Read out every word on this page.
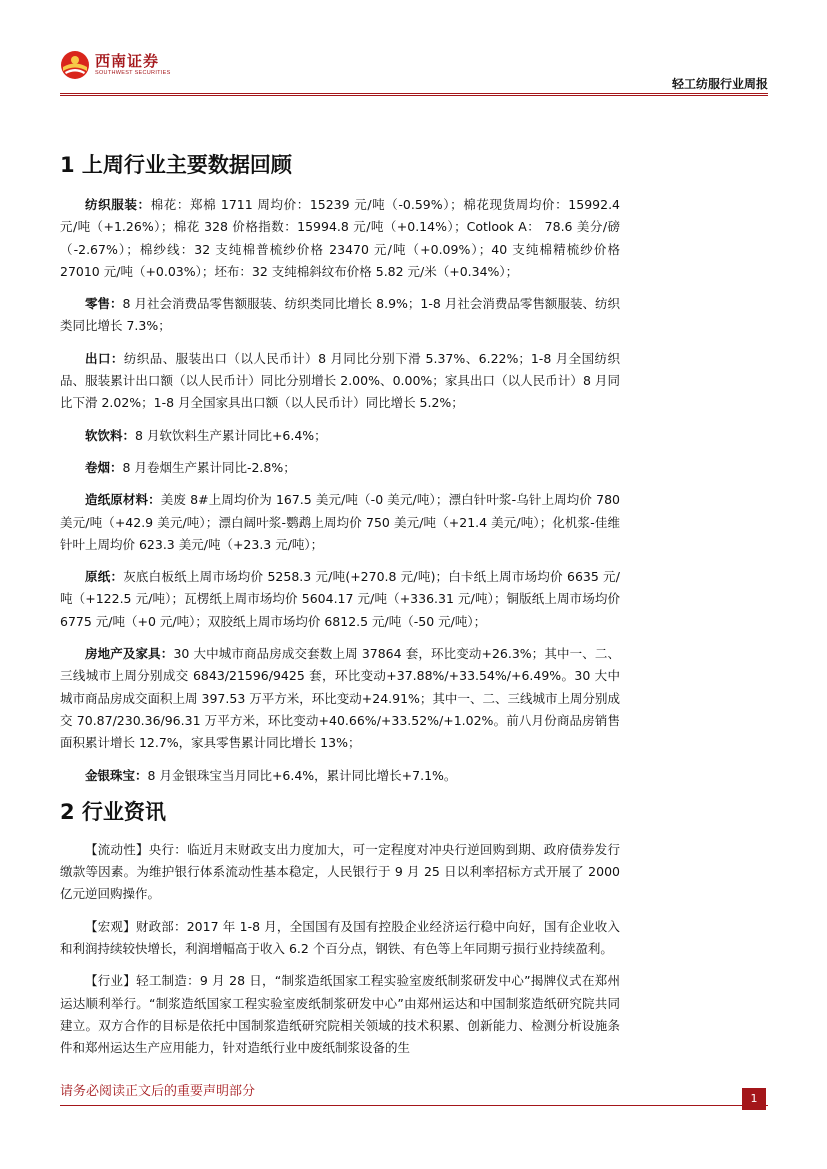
西南证券
SOUTHWEST SECURITIES
轻工纺服行业周报
1 上周行业主要数据回顾

纺织服装：棉花：郑棉 1711 周均价：15239 元/吨（-0.59%）；棉花现货周均价：15992.4 元/吨（+1.26%）；棉花 328 价格指数：15994.8 元/吨（+0.14%）；Cotlook A： 78.6 美分/磅（-2.67%）；棉纱线：32 支纯棉普梳纱价格 23470 元/吨（+0.09%）；40 支纯棉精梳纱价格 27010 元/吨（+0.03%）；坯布：32 支纯棉斜纹布价格 5.82 元/米（+0.34%）；

零售：8 月社会消费品零售额服装、纺织类同比增长 8.9%；1-8 月社会消费品零售额服装、纺织类同比增长 7.3%；

出口：纺织品、服装出口（以人民币计）8 月同比分别下滑 5.37%、6.22%；1-8 月全国纺织品、服装累计出口额（以人民币计）同比分别增长 2.00%、0.00%；家具出口（以人民币计）8 月同比下滑 2.02%；1-8 月全国家具出口额（以人民币计）同比增长 5.2%；

软饮料：8 月软饮料生产累计同比+6.4%；

卷烟：8 月卷烟生产累计同比-2.8%；

造纸原材料：美废 8#上周均价为 167.5 美元/吨（-0 美元/吨）；漂白针叶浆-乌针上周均价 780 美元/吨（+42.9 美元/吨）；漂白阔叶浆-鹦鹉上周均价 750 美元/吨（+21.4 美元/吨）；化机浆-佳维针叶上周均价 623.3 美元/吨（+23.3 元/吨）；

原纸：灰底白板纸上周市场均价 5258.3 元/吨(+270.8 元/吨)；白卡纸上周市场均价 6635 元/吨（+122.5 元/吨）；瓦楞纸上周市场均价 5604.17 元/吨（+336.31 元/吨）；铜版纸上周市场均价 6775 元/吨（+0 元/吨）；双胶纸上周市场均价 6812.5 元/吨（-50 元/吨）；

房地产及家具：30 大中城市商品房成交套数上周 37864 套，环比变动+26.3%；其中一、二、三线城市上周分别成交 6843/21596/9425 套，环比变动+37.88%/+33.54%/+6.49%。30 大中城市商品房成交面积上周 397.53 万平方米，环比变动+24.91%；其中一、二、三线城市上周分别成交 70.87/230.36/96.31 万平方米，环比变动+40.66%/+33.52%/+1.02%。前八月份商品房销售面积累计增长 12.7%，家具零售累计同比增长 13%；

金银珠宝：8 月金银珠宝当月同比+6.4%，累计同比增长+7.1%。

2 行业资讯

【流动性】央行：临近月末财政支出力度加大，可一定程度对冲央行逆回购到期、政府债券发行缴款等因素。为维护银行体系流动性基本稳定，人民银行于 9 月 25 日以利率招标方式开展了 2000 亿元逆回购操作。

【宏观】财政部：2017 年 1-8 月，全国国有及国有控股企业经济运行稳中向好，国有企业收入和利润持续较快增长，利润增幅高于收入 6.2 个百分点，钢铁、有色等上年同期亏损行业持续盈利。

【行业】轻工制造：9 月 28 日，“制浆造纸国家工程实验室废纸制浆研发中心”揭牌仪式在郑州运达顺利举行。“制浆造纸国家工程实验室废纸制浆研发中心”由郑州运达和中国制浆造纸研究院共同建立。双方合作的目标是依托中国制浆造纸研究院相关领域的技术积累、创新能力、检测分析设施条件和郑州运达生产应用能力，针对造纸行业中废纸制浆设备的生

请务必阅读正文后的重要声明部分	1
